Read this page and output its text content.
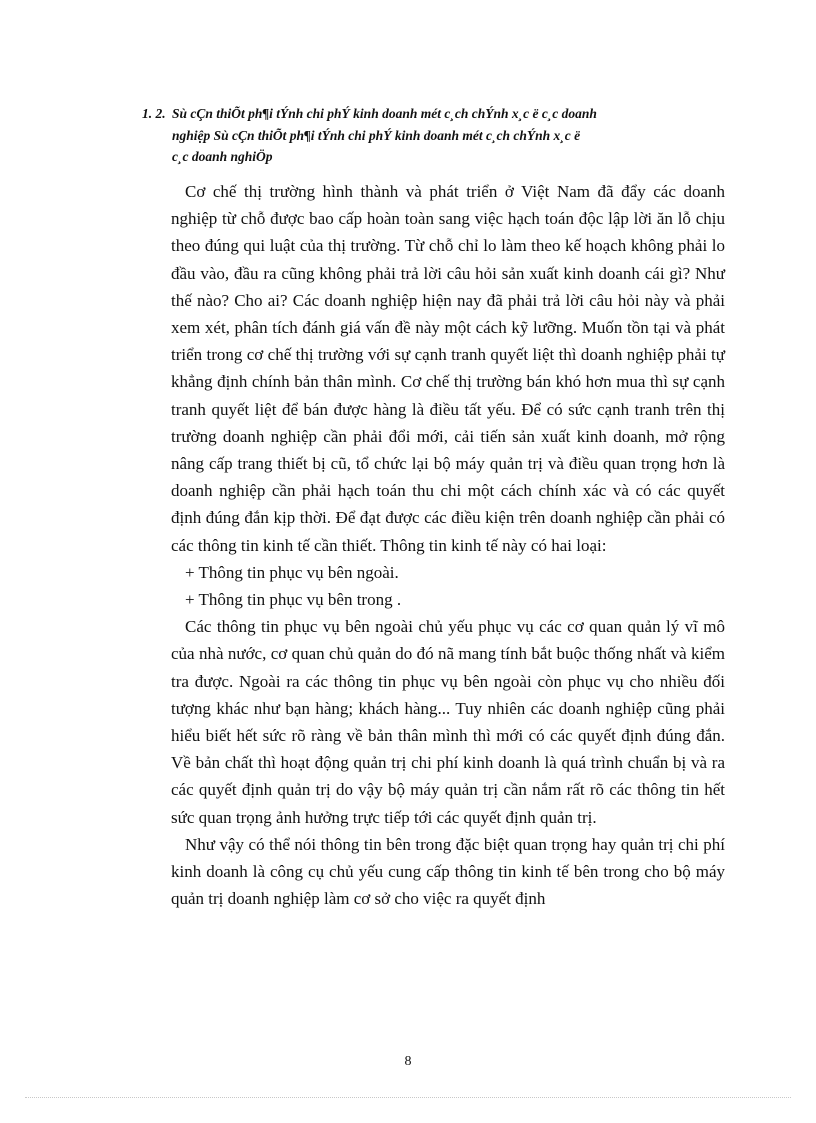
1. 2. Sù cÇn thiÕt ph¶i tÝnh chi phÝ kinh doanh mét c¸ch chÝnh x¸c ë c¸c doanh
nghiệp Sù cÇn thiÕt ph¶i tÝnh chi phÝ kinh doanh mét c¸ch chÝnh x¸c ë
c¸c doanh nghiÖp

Cơ chế thị trường hình thành và phát triển ở Việt Nam đã đẩy các doanh nghiệp từ chỗ được bao cấp hoàn toàn sang việc hạch toán độc lập lời ăn lỗ chịu theo đúng qui luật của thị trường. Từ chỗ chỉ lo làm theo kế hoạch không phải lo đầu vào, đầu ra cũng không phải trả lời câu hỏi sản xuất kinh doanh cái gì? Như thế nào? Cho ai? Các doanh nghiệp hiện nay đã phải trả lời câu hỏi này và phải xem xét, phân tích đánh giá vấn đề này một cách kỹ lưỡng. Muốn tồn tại và phát triển trong cơ chế thị trường với sự cạnh tranh quyết liệt thì doanh nghiệp phải tự khẳng định chính bản thân mình. Cơ chế thị trường bán khó hơn mua thì sự cạnh tranh quyết liệt để bán được hàng là điều tất yếu. Để có sức cạnh tranh trên thị trường doanh nghiệp cần phải đổi mới, cải tiến sản xuất kinh doanh, mở rộng nâng cấp trang thiết bị cũ, tổ chức lại bộ máy quản trị và điều quan trọng hơn là doanh nghiệp cần phải hạch toán thu chi một cách chính xác và có các quyết định đúng đắn kịp thời. Để đạt được các điều kiện trên doanh nghiệp cần phải có các thông tin kinh tế cần thiết. Thông tin kinh tế này có hai loại:

+ Thông tin phục vụ bên ngoài.

+ Thông tin phục vụ bên trong .

Các thông tin phục vụ bên ngoài chủ yếu phục vụ các cơ quan quản lý vĩ mô của nhà nước, cơ quan chủ quản do đó nã mang tính bắt buộc thống nhất và kiểm tra được. Ngoài ra các thông tin phục vụ bên ngoài còn phục vụ cho nhiều đối tượng khác như bạn hàng; khách hàng... Tuy nhiên các doanh nghiệp cũng phải hiểu biết hết sức rõ ràng về bản thân mình thì mới có các quyết định đúng đắn. Về bản chất thì hoạt động quản trị chi phí kinh doanh là quá trình chuẩn bị và ra các quyết định quản trị do vậy bộ máy quản trị cần nắm rất rõ các thông tin hết sức quan trọng ảnh hưởng trực tiếp tới các quyết định quản trị.

Như vậy có thể nói thông tin bên trong đặc biệt quan trọng hay quản trị chi phí kinh doanh là công cụ chủ yếu cung cấp thông tin kinh tế bên trong cho bộ máy quản trị doanh nghiệp làm cơ sở cho việc ra quyết định

8
